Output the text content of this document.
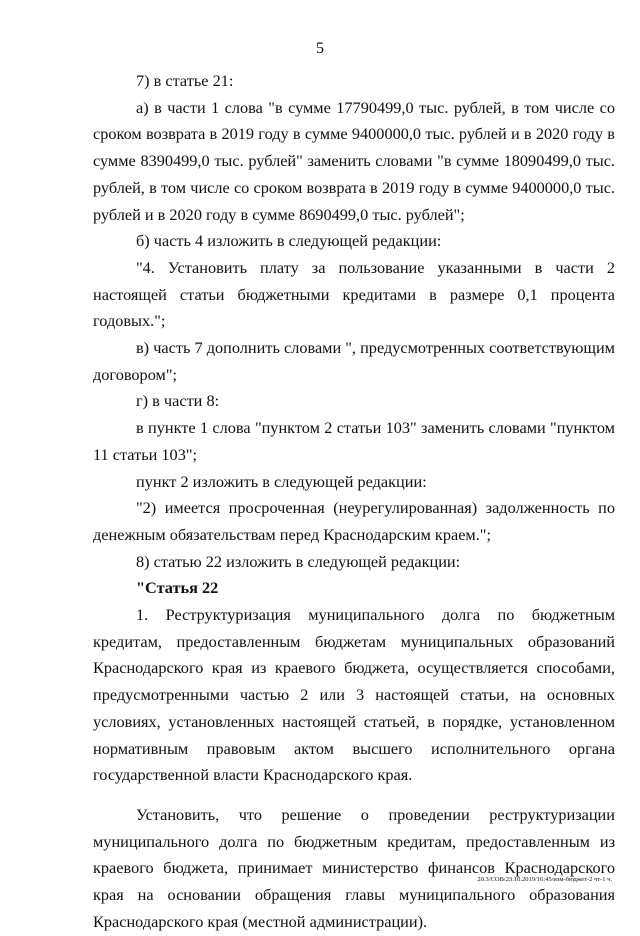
5

7) в статье 21:

а) в части 1 слова "в сумме 17790499,0 тыс. рублей, в том числе со сроком возврата в 2019 году в сумме 9400000,0 тыс. рублей и в 2020 году в сумме 8390499,0 тыс. рублей" заменить словами "в сумме 18090499,0 тыс. рублей, в том числе со сроком возврата в 2019 году в сумме 9400000,0 тыс. рублей и в 2020 году в сумме 8690499,0 тыс. рублей";

б) часть 4 изложить в следующей редакции:

"4. Установить плату за пользование указанными в части 2 настоящей статьи бюджетными кредитами в размере 0,1 процента годовых.";

в) часть 7 дополнить словами ", предусмотренных соответствующим договором";

г) в части 8:

в пункте 1 слова "пунктом 2 статьи 103" заменить словами "пунктом 11 статьи 103";

пункт 2 изложить в следующей редакции:

"2) имеется просроченная (неурегулированная) задолженность по денежным обязательствам перед Краснодарским краем.";

8) статью 22 изложить в следующей редакции:

"Статья 22

1. Реструктуризация муниципального долга по бюджетным кредитам, предоставленным бюджетам муниципальных образований Краснодарского края из краевого бюджета, осуществляется способами, предусмотренными частью 2 или 3 настоящей статьи, на основных условиях, установленных настоящей статьей, в порядке, установленном нормативным правовым актом высшего исполнительного органа государственной власти Краснодарского края.

Установить, что решение о проведении реструктуризации муниципального долга по бюджетным кредитам, предоставленным из краевого бюджета, принимает министерство финансов Краснодарского края на основании обращения главы муниципального образования Краснодарского края (местной администрации).

20.3/СОВ/23.10.2019/16:45/изм-бюджет-2 чт-1 ч.
